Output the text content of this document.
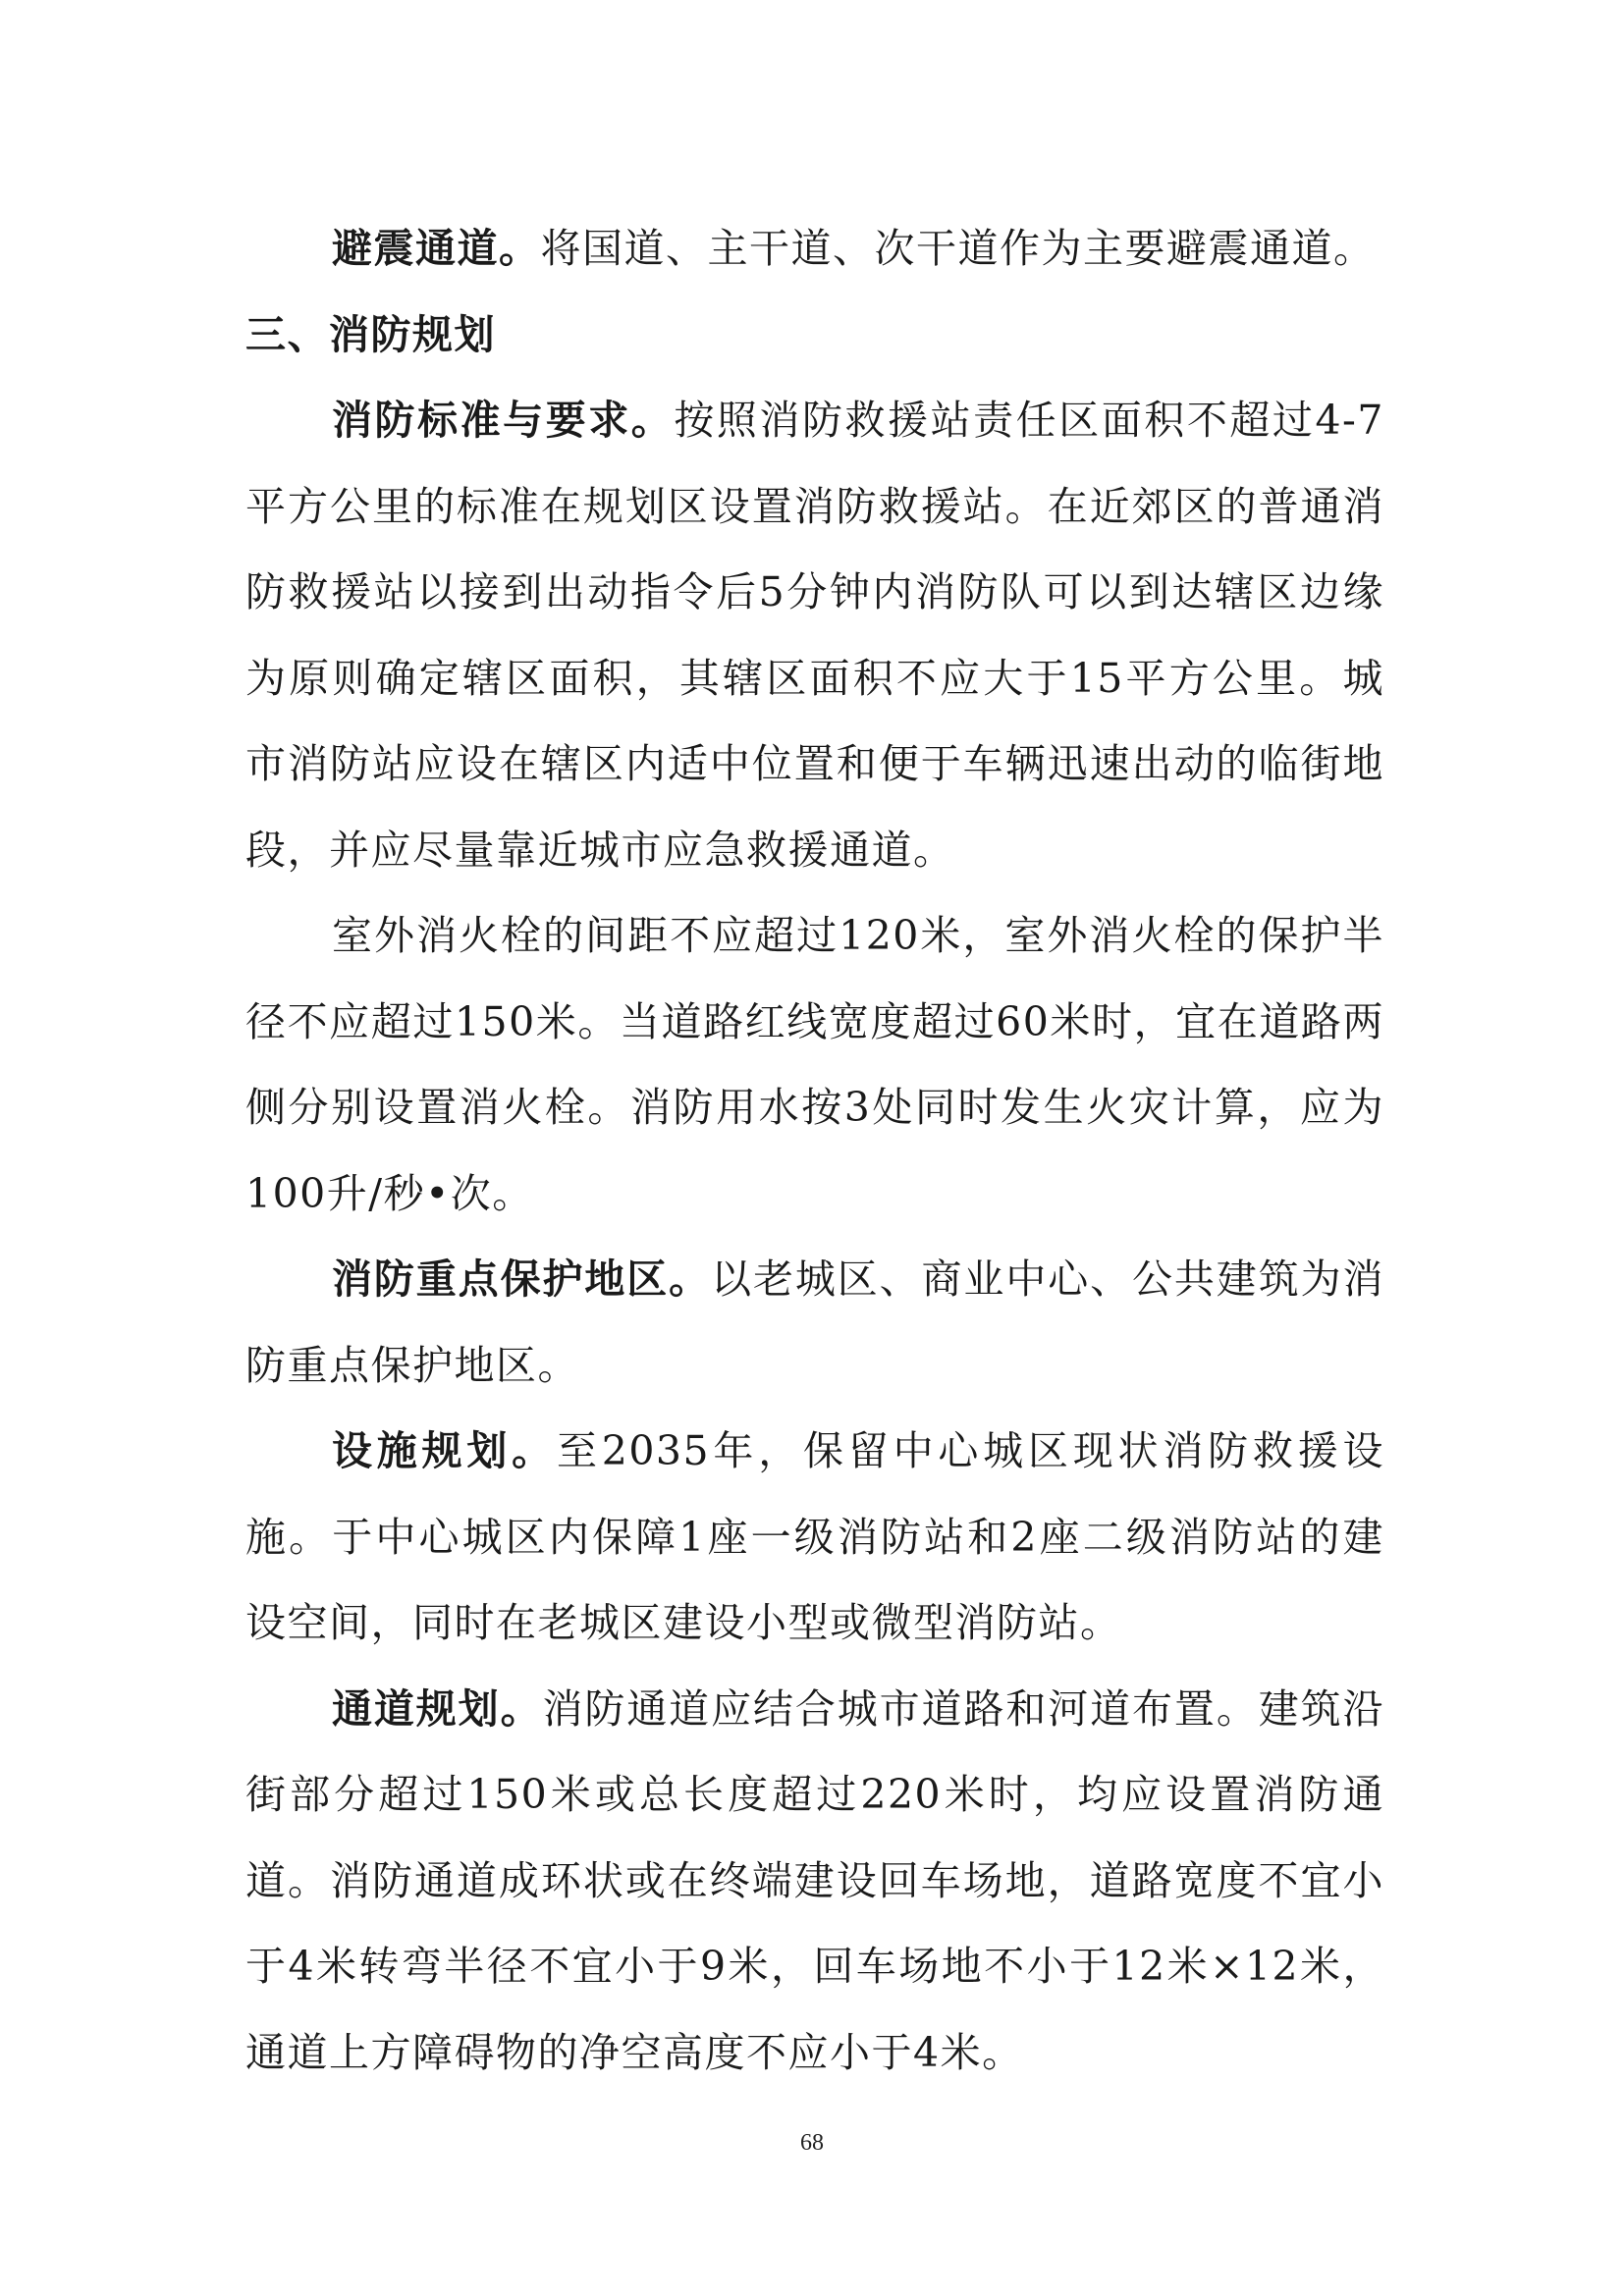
避震通道。将国道、主干道、次干道作为主要避震通道。

三、消防规划

消防标准与要求。按照消防救援站责任区面积不超过4-7平方公里的标准在规划区设置消防救援站。在近郊区的普通消防救援站以接到出动指令后5分钟内消防队可以到达辖区边缘为原则确定辖区面积，其辖区面积不应大于15平方公里。城市消防站应设在辖区内适中位置和便于车辆迅速出动的临街地段，并应尽量靠近城市应急救援通道。

室外消火栓的间距不应超过120米，室外消火栓的保护半径不应超过150米。当道路红线宽度超过60米时，宜在道路两侧分别设置消火栓。消防用水按3处同时发生火灾计算，应为100升/秒•次。

消防重点保护地区。以老城区、商业中心、公共建筑为消防重点保护地区。

设施规划。至2035年，保留中心城区现状消防救援设施。于中心城区内保障1座一级消防站和2座二级消防站的建设空间，同时在老城区建设小型或微型消防站。

通道规划。消防通道应结合城市道路和河道布置。建筑沿街部分超过150米或总长度超过220米时，均应设置消防通道。消防通道成环状或在终端建设回车场地，道路宽度不宜小于4米转弯半径不宜小于9米，回车场地不小于12米×12米，通道上方障碍物的净空高度不应小于4米。

68
